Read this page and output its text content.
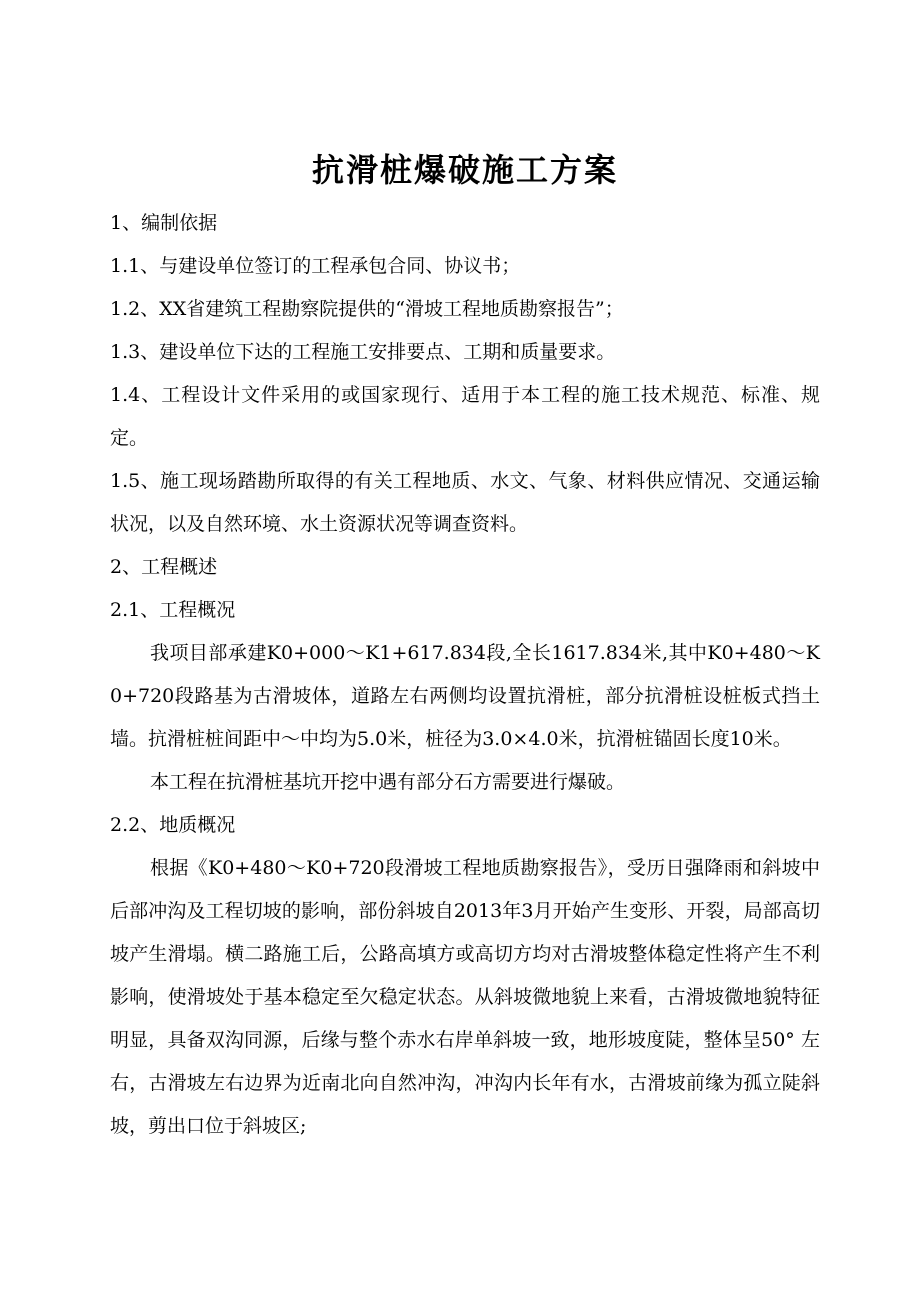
抗滑桩爆破施工方案

1、编制依据

1.1、与建设单位签订的工程承包合同、协议书；

1.2、XX省建筑工程勘察院提供的“滑坡工程地质勘察报告”；

1.3、建设单位下达的工程施工安排要点、工期和质量要求。

1.4、工程设计文件采用的或国家现行、适用于本工程的施工技术规范、标准、规定。

1.5、施工现场踏勘所取得的有关工程地质、水文、气象、材料供应情况、交通运输状况，以及自然环境、水土资源状况等调查资料。

2、工程概述

2.1、工程概况

我项目部承建K0+000～K1+617.834段,全长1617.834米,其中K0+480～K0+720段路基为古滑坡体，道路左右两侧均设置抗滑桩，部分抗滑桩设桩板式挡土墙。抗滑桩桩间距中～中均为5.0米，桩径为3.0×4.0米，抗滑桩锚固长度10米。

本工程在抗滑桩基坑开挖中遇有部分石方需要进行爆破。

2.2、地质概况

根据《K0+480～K0+720段滑坡工程地质勘察报告》，受历日强降雨和斜坡中后部冲沟及工程切坡的影响，部份斜坡自2013年3月开始产生变形、开裂，局部高切坡产生滑塌。横二路施工后，公路高填方或高切方均对古滑坡整体稳定性将产生不利影响，使滑坡处于基本稳定至欠稳定状态。从斜坡微地貌上来看，古滑坡微地貌特征明显，具备双沟同源，后缘与整个赤水右岸单斜坡一致，地形坡度陡，整体呈50° 左右，古滑坡左右边界为近南北向自然冲沟，冲沟内长年有水，古滑坡前缘为孤立陡斜坡，剪出口位于斜坡区;
